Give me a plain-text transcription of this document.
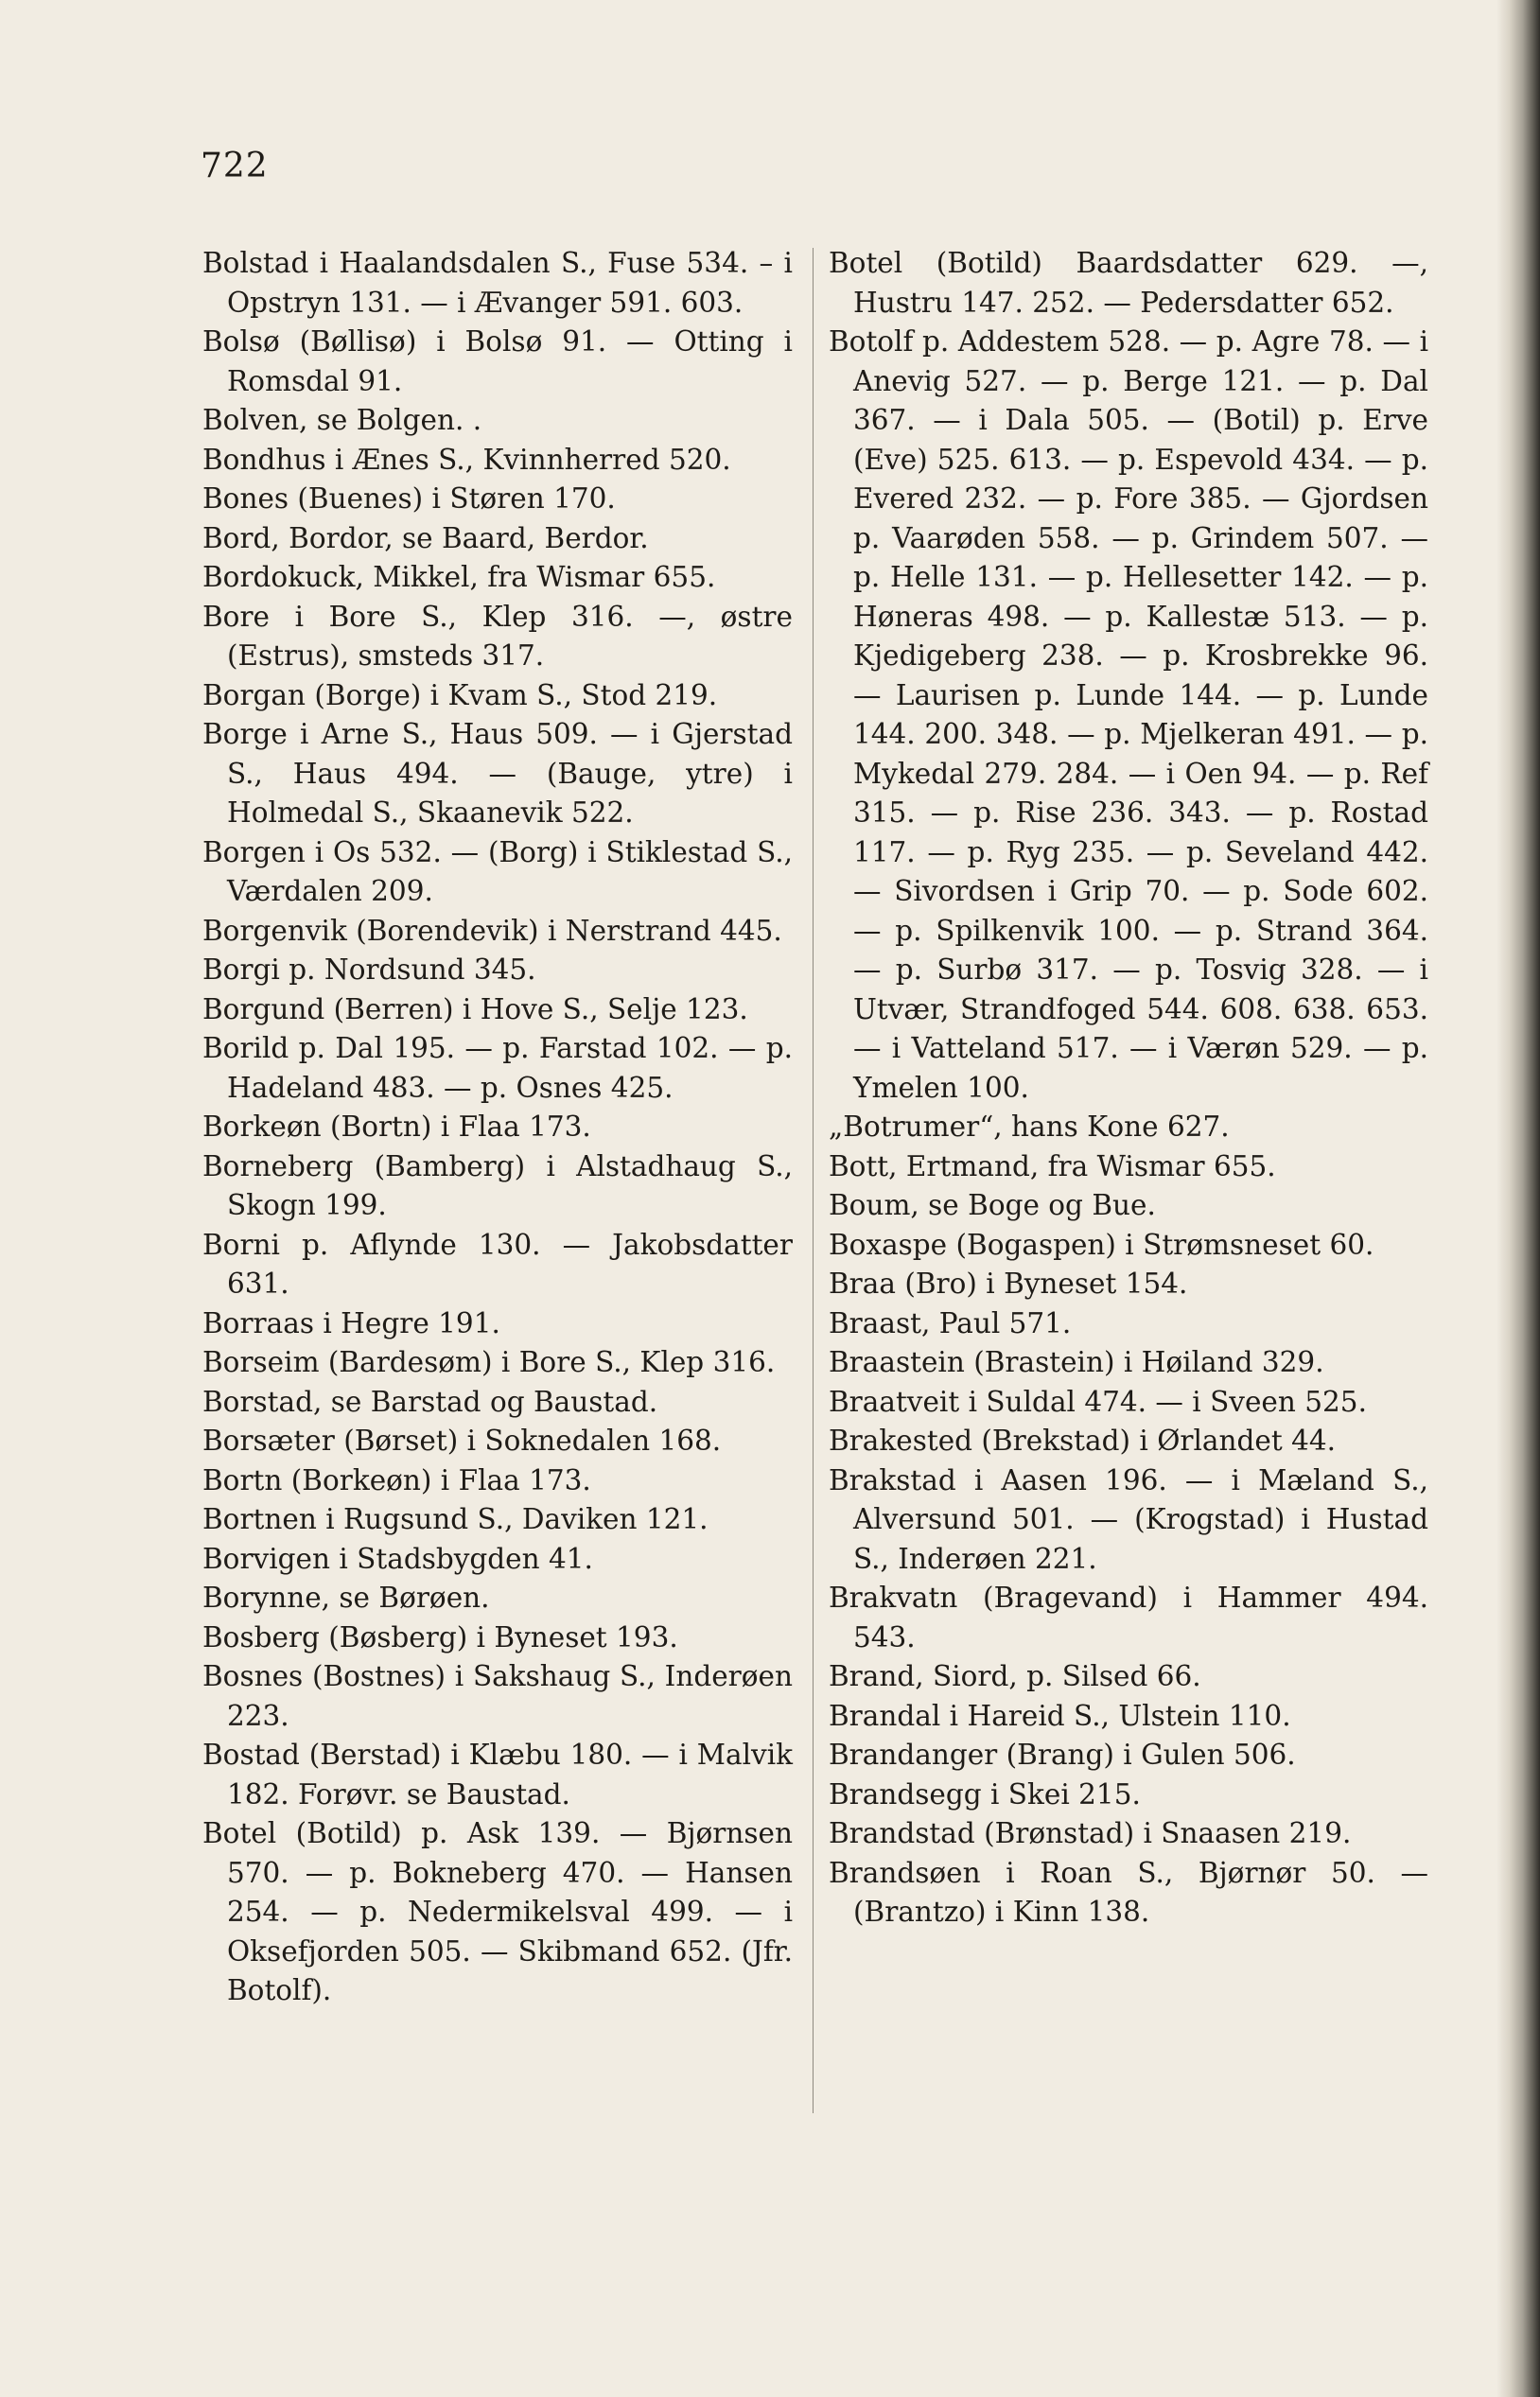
722

Bolstad i Haalandsdalen S., Fuse 534. – i Opstryn 131. — i Ævanger 591. 603.

Bolsø (Bøllisø) i Bolsø 91. — Otting i Romsdal 91.

Bolven, se Bolgen. .

Bondhus i Ænes S., Kvinnherred 520.

Bones (Buenes) i Støren 170.

Bord, Bordor, se Baard, Berdor.

Bordokuck, Mikkel, fra Wismar 655.

Bore i Bore S., Klep 316. —, østre (Estrus), smsteds 317.

Borgan (Borge) i Kvam S., Stod 219.

Borge i Arne S., Haus 509. — i Gjerstad S., Haus 494. — (Bauge, ytre) i Holmedal S., Skaanevik 522.

Borgen i Os 532. — (Borg) i Stiklestad S., Værdalen 209.

Borgenvik (Borendevik) i Nerstrand 445.

Borgi p. Nordsund 345.

Borgund (Berren) i Hove S., Selje 123.

Borild p. Dal 195. — p. Farstad 102. — p. Hadeland 483. — p. Osnes 425.

Borkeøn (Bortn) i Flaa 173.

Borneberg (Bamberg) i Alstadhaug S., Skogn 199.

Borni p. Aflynde 130. — Jakobsdatter 631.

Borraas i Hegre 191.

Borseim (Bardesøm) i Bore S., Klep 316.

Borstad, se Barstad og Baustad.

Borsæter (Børset) i Soknedalen 168.

Bortn (Borkeøn) i Flaa 173.

Bortnen i Rugsund S., Daviken 121.

Borvigen i Stadsbygden 41.

Borynne, se Børøen.

Bosberg (Bøsberg) i Byneset 193.

Bosnes (Bostnes) i Sakshaug S., Inderøen 223.

Bostad (Berstad) i Klæbu 180. — i Malvik 182. Forøvr. se Baustad.

Botel (Botild) p. Ask 139. — Bjørnsen 570. — p. Bokneberg 470. — Hansen 254. — p. Nedermikelsval 499. — i Oksefjorden 505. — Skibmand 652. (Jfr. Botolf).

Botel (Botild) Baardsdatter 629. —, Hustru 147. 252. — Pedersdatter 652.

Botolf p. Addestem 528. — p. Agre 78. — i Anevig 527. — p. Berge 121. — p. Dal 367. — i Dala 505. — (Botil) p. Erve (Eve) 525. 613. — p. Espevold 434. — p. Evered 232. — p. Fore 385. — Gjordsen p. Vaarøden 558. — p. Grindem 507. — p. Helle 131. — p. Hellesetter 142. — p. Høneras 498. — p. Kallestæ 513. — p. Kjedigeberg 238. — p. Krosbrekke 96. — Laurisen p. Lunde 144. — p. Lunde 144. 200. 348. — p. Mjelkeran 491. — p. Mykedal 279. 284. — i Oen 94. — p. Ref 315. — p. Rise 236. 343. — p. Rostad 117. — p. Ryg 235. — p. Seveland 442. — Sivordsen i Grip 70. — p. Sode 602. — p. Spilkenvik 100. — p. Strand 364. — p. Surbø 317. — p. Tosvig 328. — i Utvær, Strandfoged 544. 608. 638. 653. — i Vatteland 517. — i Værøn 529. — p. Ymelen 100.

„Botrumer“, hans Kone 627.

Bott, Ertmand, fra Wismar 655.

Boum, se Boge og Bue.

Boxaspe (Bogaspen) i Strømsneset 60.

Braa (Bro) i Byneset 154.

Braast, Paul 571.

Braastein (Brastein) i Høiland 329.

Braatveit i Suldal 474. — i Sveen 525.

Brakested (Brekstad) i Ørlandet 44.

Brakstad i Aasen 196. — i Mæland S., Alversund 501. — (Krogstad) i Hustad S., Inderøen 221.

Brakvatn (Bragevand) i Hammer 494. 543.

Brand, Siord, p. Silsed 66.

Brandal i Hareid S., Ulstein 110.

Brandanger (Brang) i Gulen 506.

Brandsegg i Skei 215.

Brandstad (Brønstad) i Snaasen 219.

Brandsøen i Roan S., Bjørnør 50. — (Brantzo) i Kinn 138.
